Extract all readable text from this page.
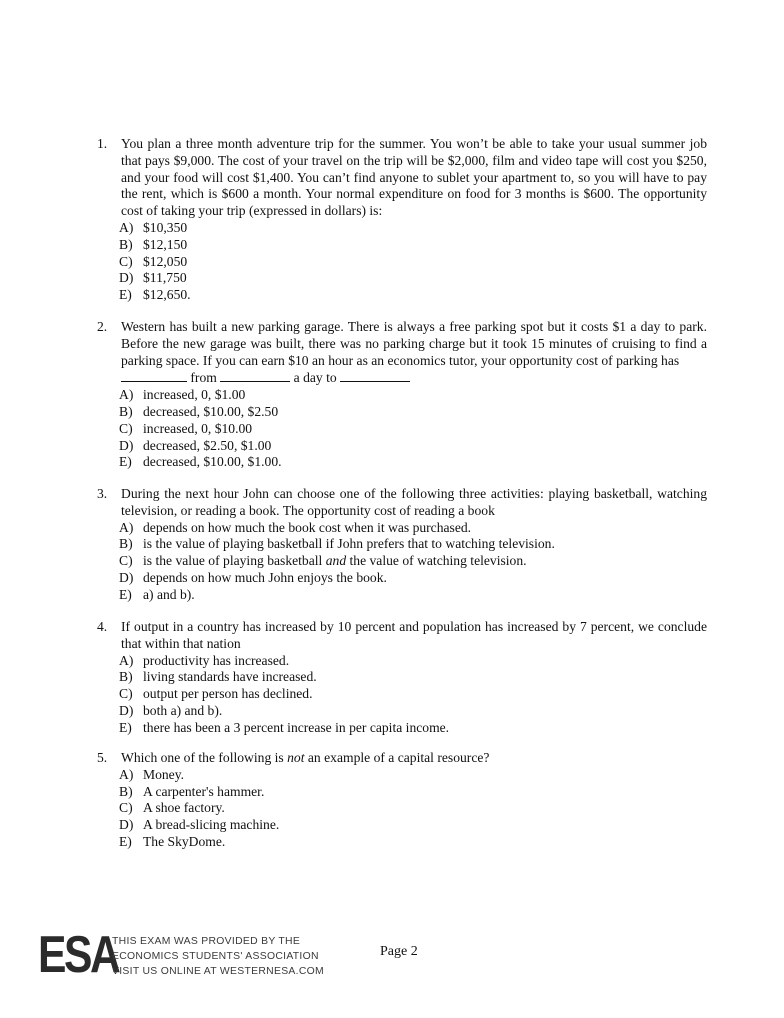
1.	You plan a three month adventure trip for the summer. You won’t be able to take your usual summer job that pays $9,000. The cost of your travel on the trip will be $2,000, film and video tape will cost you $250, and your food will cost $1,400. You can’t find anyone to sublet your apartment to, so you will have to pay the rent, which is $600 a month. Your normal expenditure on food for 3 months is $600. The opportunity cost of taking your trip (expressed in dollars) is:
A) $10,350
B) $12,150
C) $12,050
D) $11,750
E) $12,650.
2.	Western has built a new parking garage. There is always a free parking spot but it costs $1 a day to park. Before the new garage was built, there was no parking charge but it took 15 minutes of cruising to find a parking space. If you can earn $10 an hour as an economics tutor, your opportunity cost of parking has
from	a day to
A) increased, 0, $1.00
B) decreased, $10.00, $2.50
C) increased, 0, $10.00
D) decreased, $2.50, $1.00
E) decreased, $10.00, $1.00.
3.	During the next hour John can choose one of the following three activities: playing basketball, watching television, or reading a book. The opportunity cost of reading a book
A) depends on how much the book cost when it was purchased.
B) is the value of playing basketball if John prefers that to watching television.
C) is the value of playing basketball and the value of watching television.
D) depends on how much John enjoys the book.
E) a) and b).
4.	If output in a country has increased by 10 percent and population has increased by 7 percent, we conclude that within that nation
A) productivity has increased.
B) living standards have increased.
C) output per person has declined.
D) both a) and b).
E) there has been a 3 percent increase in per capita income.
5.	Which one of the following is not an example of a capital resource?
A) Money.
B) A carpenter's hammer.
C) A shoe factory.
D) A bread-slicing machine.
E) The SkyDome.
ESA
THIS EXAM WAS PROVIDED BY THE
ECONOMICS STUDENTS' ASSOCIATION
VISIT US ONLINE AT WESTERNESA.COM
Page 2
